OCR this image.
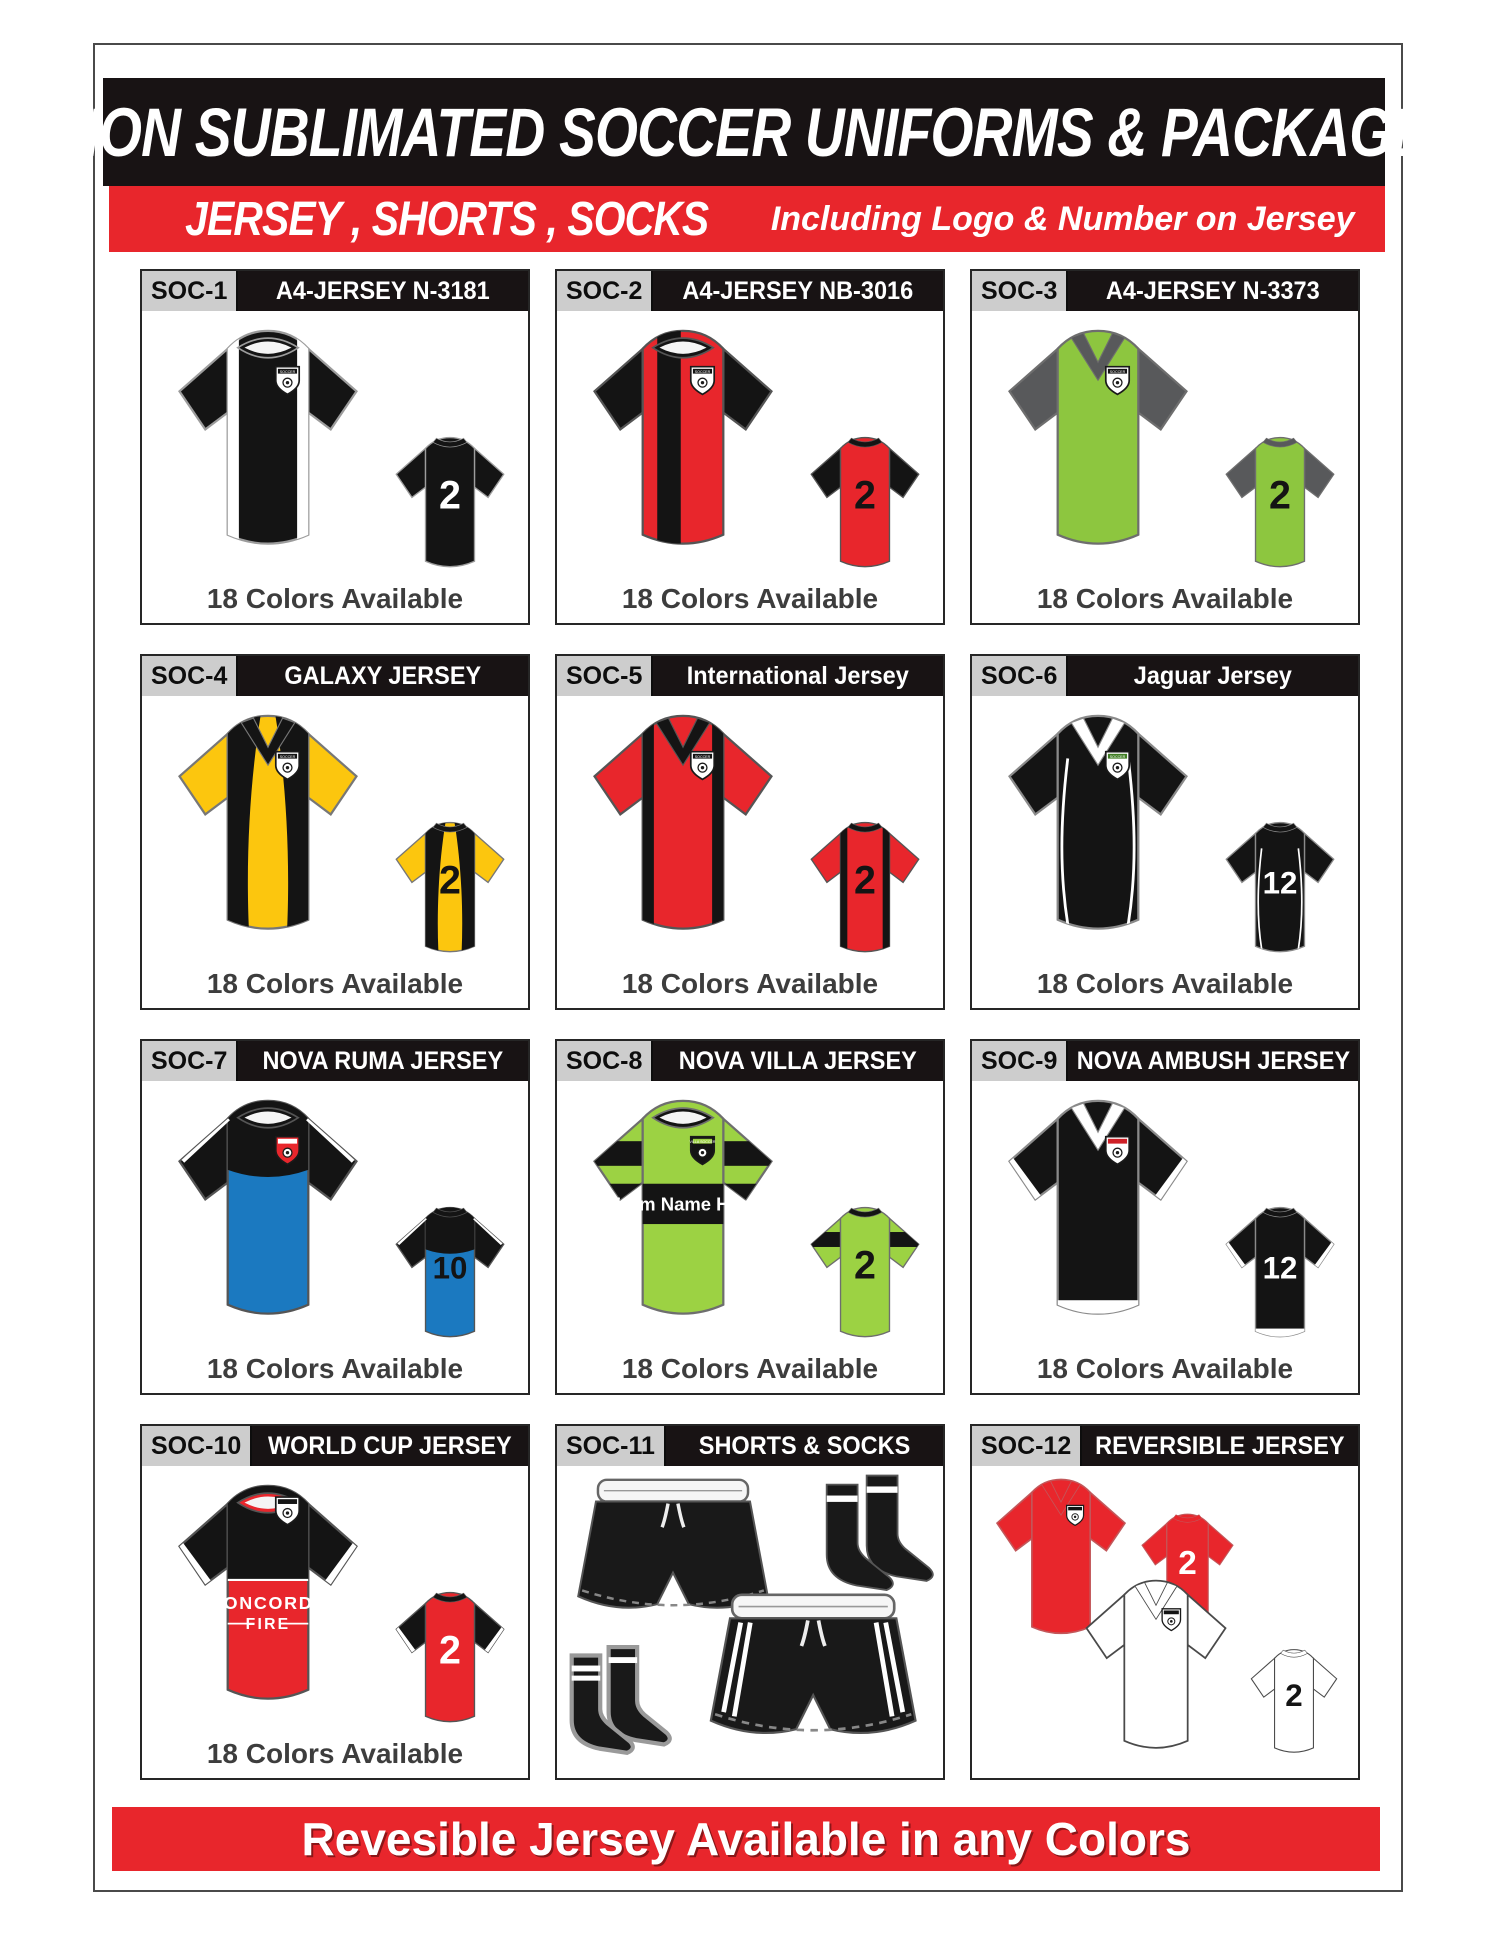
NON SUBLIMATED SOCCER UNIFORMS & PACKAGE
JERSEY , SHORTS , SOCKS Including Logo & Number on Jersey
SOC-1	A4-JERSEY N-3181
SOCCER
2
18 Colors Available
SOC-2	A4-JERSEY NB-3016
SOCCER
2
18 Colors Available
SOC-3	A4-JERSEY N-3373
SOCCER
2
18 Colors Available
SOC-4	GALAXY JERSEY
SOCCER
2
18 Colors Available
SOC-5	International Jersey
SOCCER
2
18 Colors Available
SOC-6	Jaguar Jersey
SOCCER
12
18 Colors Available
SOC-7	NOVA RUMA JERSEY
SOCCER
10
18 Colors Available
SOC-8	NOVA VILLA JERSEY
Team Name Here
VILLA SOCCER
2
18 Colors Available
SOC-9 NOVA AMBUSH JERSEY
12
18 Colors Available
SOC-10	WORLD CUP JERSEY
CONCORDE
FIRE
2
18 Colors Available
SOC-11	SHORTS & SOCKS	SOC-12 REVERSIBLE JERSEY
2
2
Revesible Jersey Available in any Colors
